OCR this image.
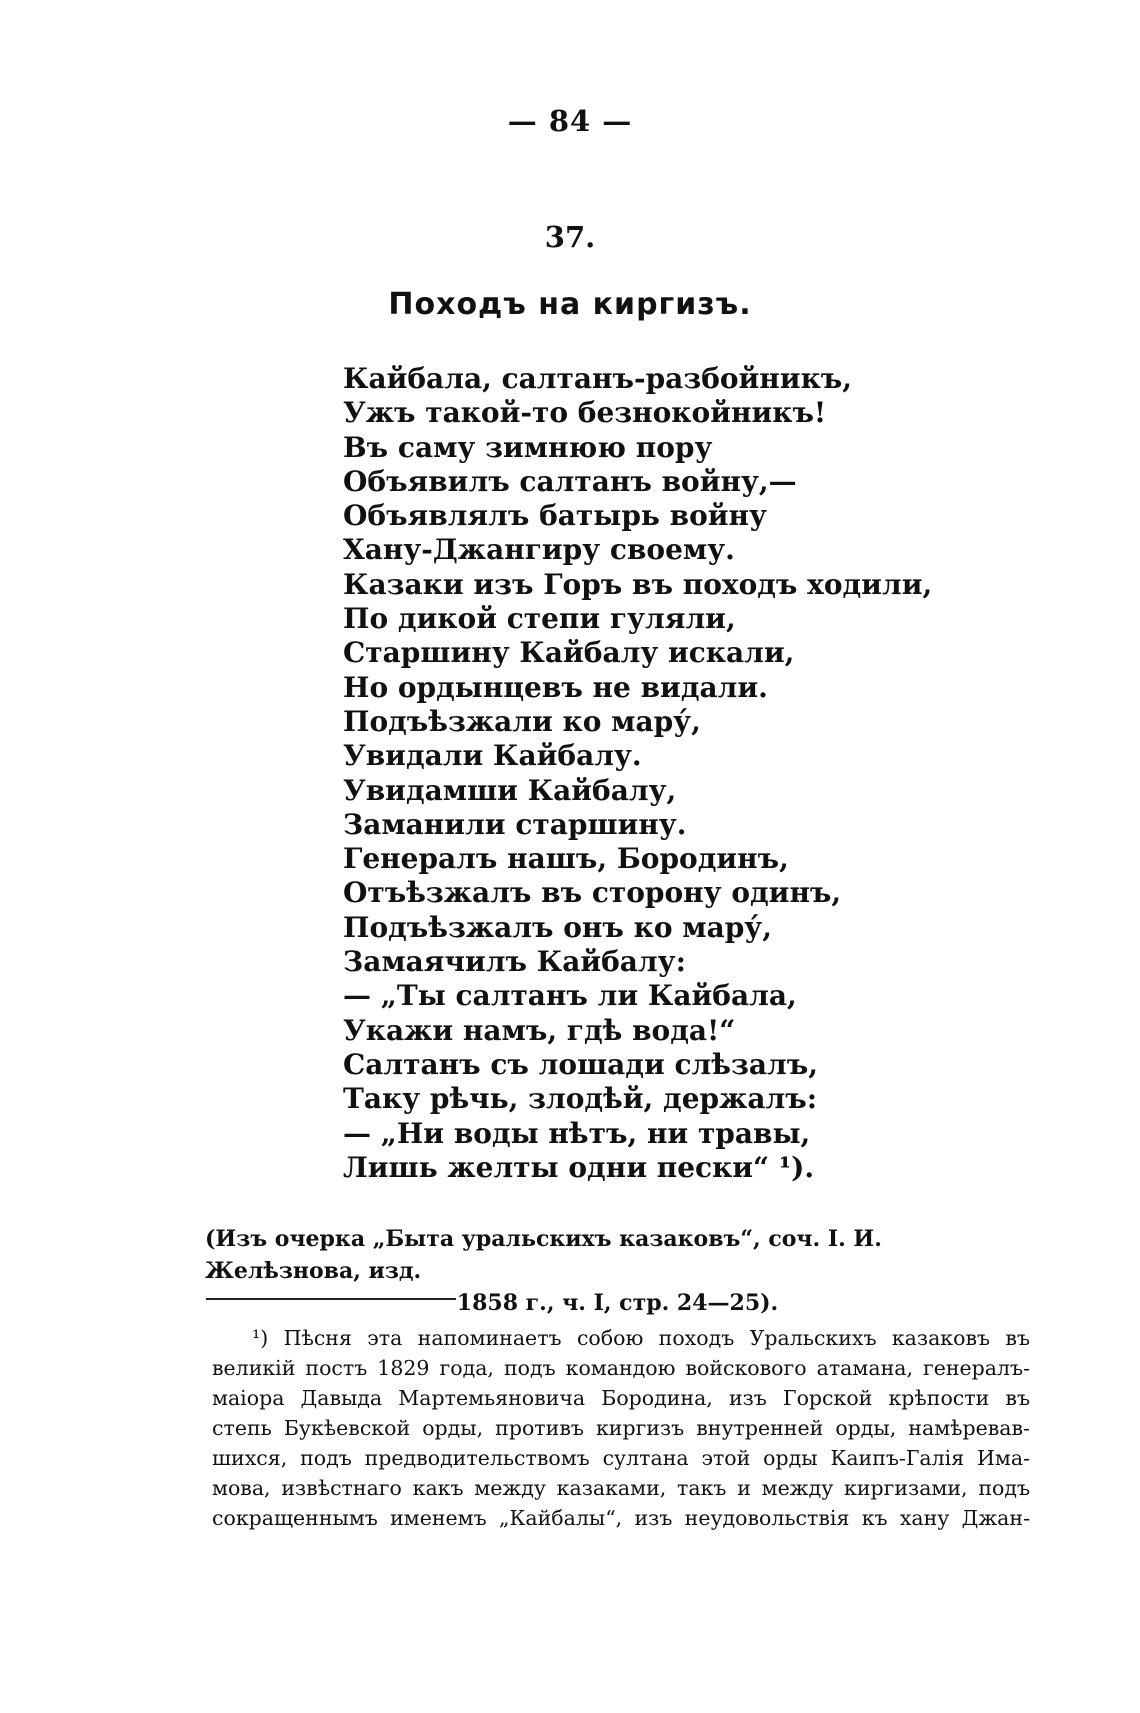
— 84 —
37.
Походъ на киргизъ.
Кайбала, салтанъ-разбойникъ,
Ужъ такой-то безнокойникъ!
Въ саму зимнюю пору
Объявилъ салтанъ войну,—
Объявлялъ батырь войну
Хану-Джангиру своему.
Казаки изъ Горъ въ походъ ходили,
По дикой степи гуляли,
Старшину Кайбалу искали,
Но ордынцевъ не видали.
Подъѣзжали ко мару́,
Увидали Кайбалу.
Увидамши Кайбалу,
Заманили старшину.
Генералъ нашъ, Бородинъ,
Отъѣзжалъ въ сторону одинъ,
Подъѣзжалъ онъ ко мару́,
Замаячилъ Кайбалу:
— „Ты салтанъ ли Кайбала,
Укажи намъ, гдѣ вода!“
Салтанъ съ лошади слѣзалъ,
Таку рѣчь, злодѣй, держалъ:
— „Ни воды нѣтъ, ни травы,
Лишь желты одни пески“ ¹).
(Изъ очерка „Быта уральскихъ казаковъ“, соч. І. И. Желѣзнова, изд.
1858 г., ч. І, стр. 24—25).
¹) Пѣсня эта напоминаетъ собою походъ Уральскихъ казаковъ въ
великій постъ 1829 года, подъ командою войскового атамана, генералъ-
маіора Давыда Мартемьяновича Бородина, изъ Горской крѣпости въ
степь Букѣевской орды, противъ киргизъ внутренней орды, намѣревав-
шихся, подъ предводительствомъ султана этой орды Каипъ-Галія Има-
мова, извѣстнаго какъ между казаками, такъ и между киргизами, подъ
сокращеннымъ именемъ „Кайбалы“, изъ неудовольствія къ хану Джан-
